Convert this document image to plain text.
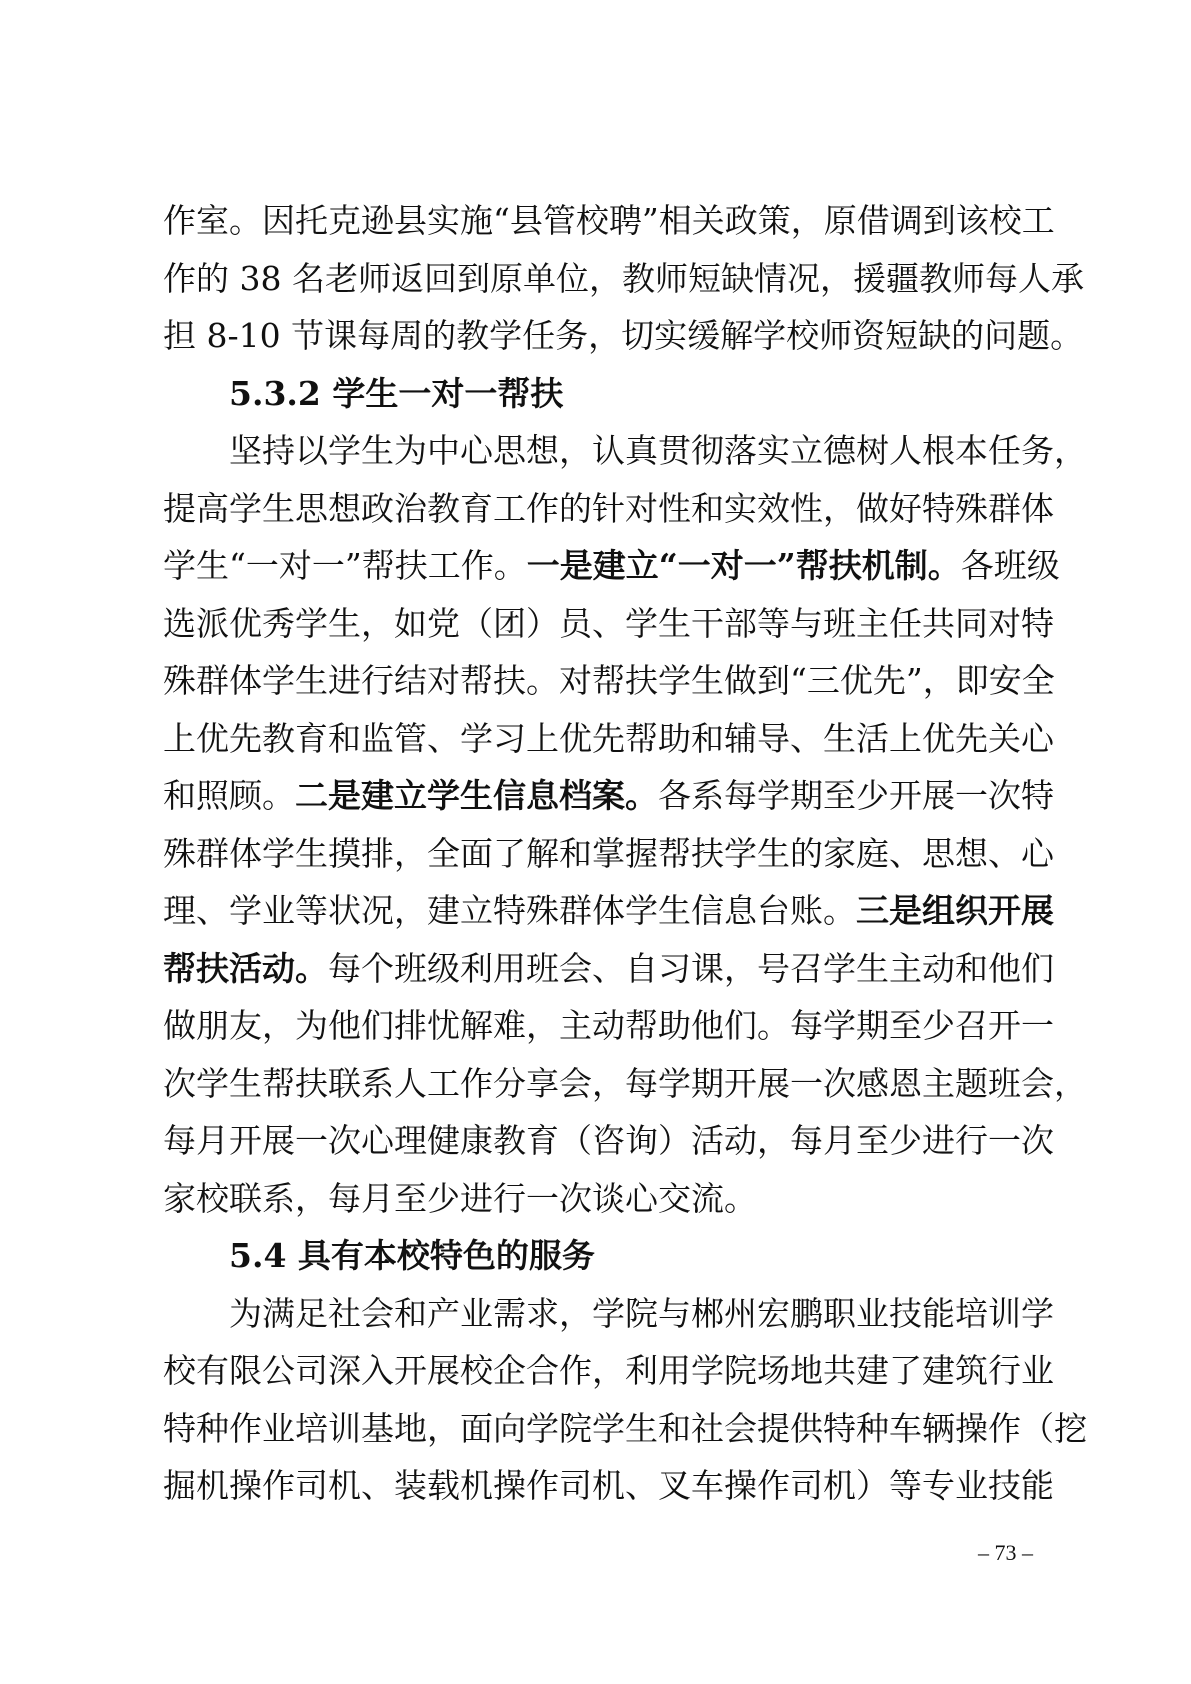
作室。因托克逊县实施“县管校聘”相关政策，原借调到该校工
作的 38 名老师返回到原单位，教师短缺情况，援疆教师每人承
担 8-10 节课每周的教学任务，切实缓解学校师资短缺的问题。
5.3.2 学生一对一帮扶
坚持以学生为中心思想，认真贯彻落实立德树人根本任务，
提高学生思想政治教育工作的针对性和实效性，做好特殊群体
学生“一对一”帮扶工作。一是建立“一对一”帮扶机制。各班级
选派优秀学生，如党（团）员、学生干部等与班主任共同对特
殊群体学生进行结对帮扶。对帮扶学生做到“三优先”，即安全
上优先教育和监管、学习上优先帮助和辅导、生活上优先关心
和照顾。二是建立学生信息档案。各系每学期至少开展一次特
殊群体学生摸排，全面了解和掌握帮扶学生的家庭、思想、心
理、学业等状况，建立特殊群体学生信息台账。三是组织开展
帮扶活动。每个班级利用班会、自习课，号召学生主动和他们
做朋友，为他们排忧解难，主动帮助他们。每学期至少召开一
次学生帮扶联系人工作分享会，每学期开展一次感恩主题班会，
每月开展一次心理健康教育（咨询）活动，每月至少进行一次
家校联系，每月至少进行一次谈心交流。
5.4 具有本校特色的服务
为满足社会和产业需求，学院与郴州宏鹏职业技能培训学
校有限公司深入开展校企合作，利用学院场地共建了建筑行业
特种作业培训基地，面向学院学生和社会提供特种车辆操作（挖
掘机操作司机、装载机操作司机、叉车操作司机）等专业技能
– 73 –
